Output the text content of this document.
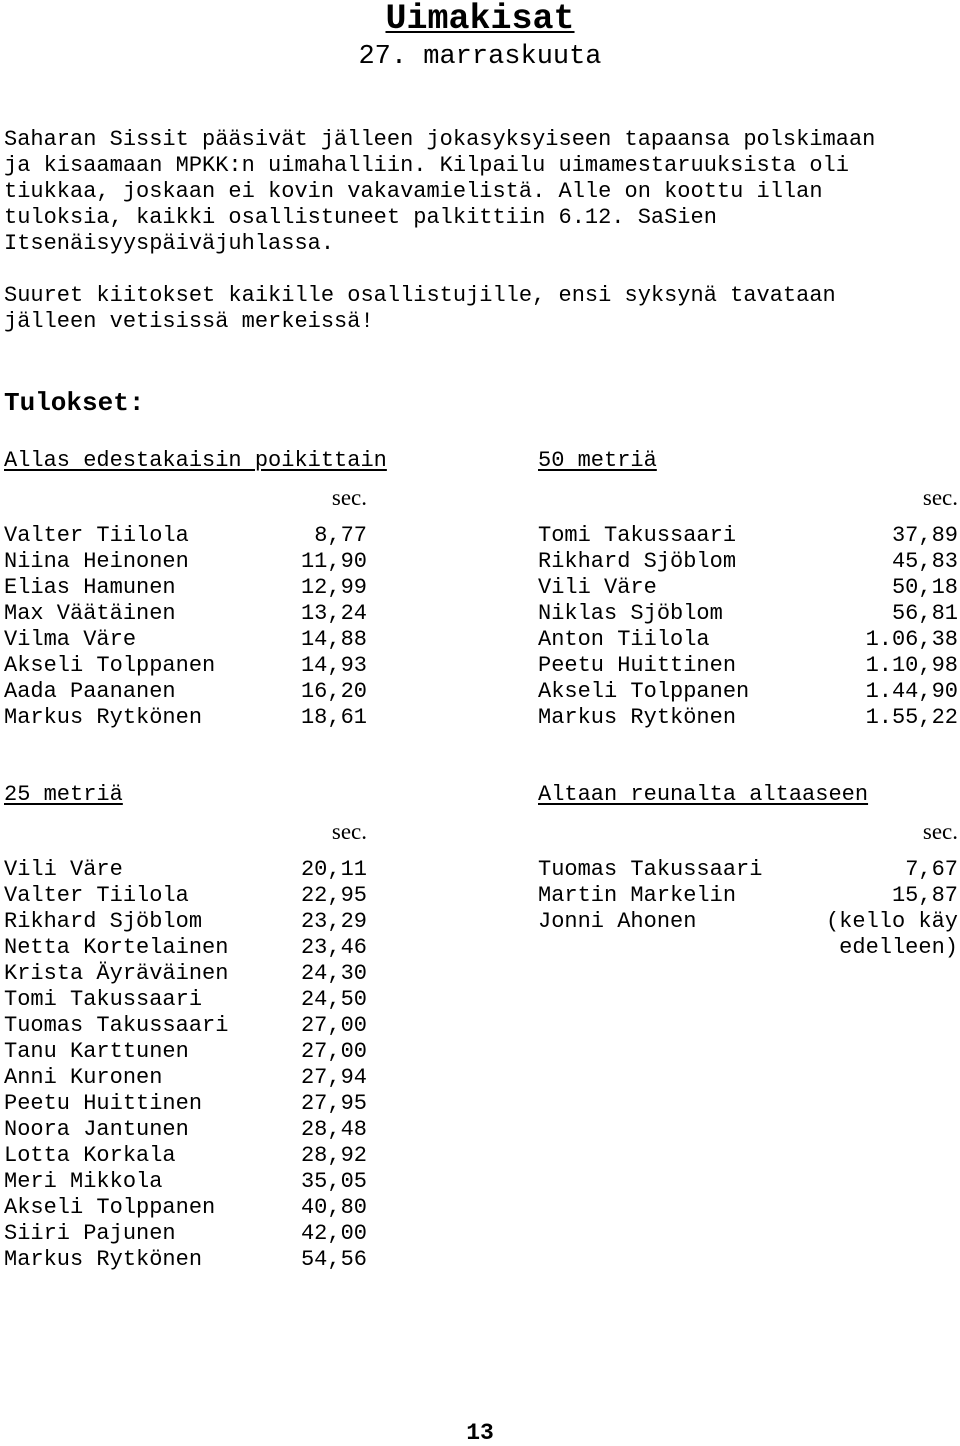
Uimakisat
27. marraskuuta

Saharan Sissit pääsivät jälleen jokasyksyiseen tapaansa polskimaan
ja kisaamaan MPKK:n uimahalliin. Kilpailu uimamestaruuksista oli
tiukkaa, joskaan ei kovin vakavamielistä. Alle on koottu illan
tuloksia, kaikki osallistuneet palkittiin 6.12. SaSien
Itsenäisyyspäiväjuhlassa.

Suuret kiitokset kaikille osallistujille, ensi syksynä tavataan
jälleen vetisissä merkeissä!

Tulokset:
Allas edestakaisin poikittain
sec.
Valter Tiilola	8,77
Niina Heinonen	11,90
Elias Hamunen	12,99
Max Väätäinen	13,24
Vilma Väre	14,88
Akseli Tolppanen	14,93
Aada Paananen	16,20
Markus Rytkönen	18,61
50 metriä
sec.
Tomi Takussaari	37,89
Rikhard Sjöblom	45,83
Vili Väre	50,18
Niklas Sjöblom	56,81
Anton Tiilola	1.06,38
Peetu Huittinen	1.10,98
Akseli Tolppanen	1.44,90
Markus Rytkönen	1.55,22
25 metriä
sec.
Vili Väre	20,11
Valter Tiilola	22,95
Rikhard Sjöblom	23,29
Netta Kortelainen	23,46
Krista Äyräväinen	24,30
Tomi Takussaari	24,50
Tuomas Takussaari	27,00
Tanu Karttunen	27,00
Anni Kuronen	27,94
Peetu Huittinen	27,95
Noora Jantunen	28,48
Lotta Korkala	28,92
Meri Mikkola	35,05
Akseli Tolppanen	40,80
Siiri Pajunen	42,00
Markus Rytkönen	54,56
Altaan reunalta altaaseen
sec.
Tuomas Takussaari	7,67
Martin Markelin	15,87
Jonni Ahonen	(kello käy
edelleen)
13
